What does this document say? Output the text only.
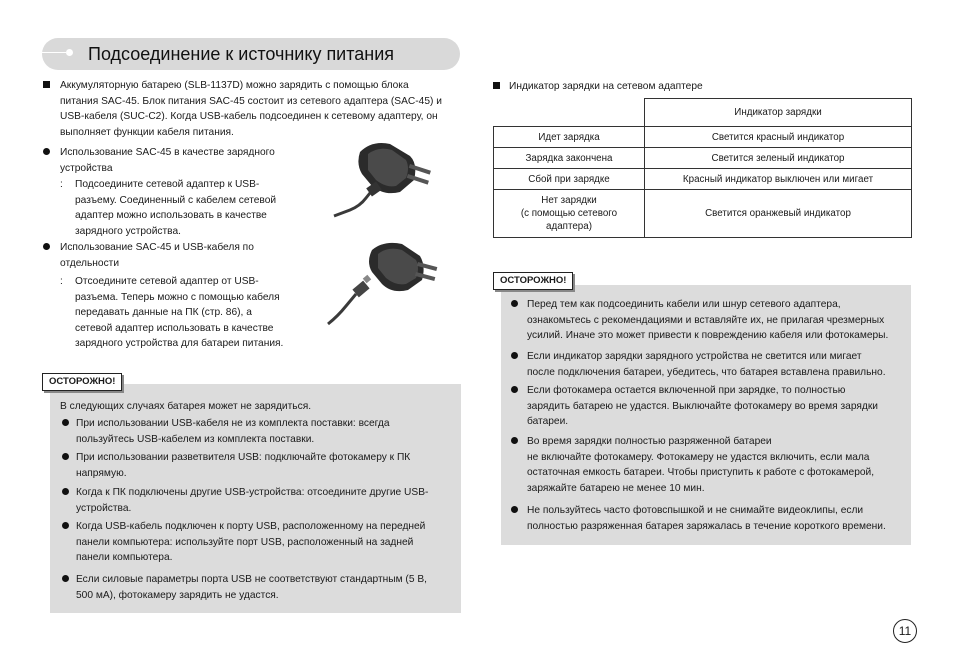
Подсоединение к источнику питания
Аккумуляторную батарею (SLB-1137D) можно зарядить с помощью блока
питания SAC-45. Блок питания SAC-45 состоит из сетевого адаптера (SAC-45) и
USB-кабеля (SUC-C2). Когда USB-кабель подсоединен к сетевому адаптеру, он
выполняет функции кабеля питания.
Использование SAC-45 в качестве зарядного
устройства
: Подсоедините сетевой адаптер к USB-
разъему. Соединенный с кабелем сетевой
адаптер можно использовать в качестве
зарядного устройства.
Использование SAC-45 и USB-кабеля по
отдельности
: Отсоедините сетевой адаптер от USB-
разъема. Теперь можно с помощью кабеля
передавать данные на ПК (стр. 86), а
сетевой адаптер использовать в качестве
зарядного устройства для батареи питания.
ОСТОРОЖНО!
В следующих случаях батарея может не зарядиться.
При использовании USB-кабеля не из комплекта поставки: всегда
пользуйтесь USB-кабелем из комплекта поставки.
При использовании разветвителя USB: подключайте фотокамеру к ПК
напрямую.
Когда к ПК подключены другие USB-устройства: отсоедините другие USB-
устройства.
Когда USB-кабель подключен к порту USB, расположенному на передней
панели компьютера: используйте порт USB, расположенный на задней
панели компьютера.
Если силовые параметры порта USB не соответствуют стандартным (5 В,
500 мА), фотокамеру зарядить не удастся.
Индикатор зарядки на сетевом адаптере
	Индикатор зарядки
Идет зарядка	Светится красный индикатор
Зарядка закончена	Светится зеленый индикатор
Сбой при зарядке	Красный индикатор выключен или мигает

Нет зарядки
(с помощью сетевого
адаптера)	Светится оранжевый индикатор
ОСТОРОЖНО!
Перед тем как подсоединить кабели или шнур сетевого адаптера,
ознакомьтесь с рекомендациями и вставляйте их, не прилагая чрезмерных
усилий. Иначе это может привести к повреждению кабеля или фотокамеры.
Если индикатор зарядки зарядного устройства не светится или мигает
после подключения батареи, убедитесь, что батарея вставлена правильно.
Если фотокамера остается включенной при зарядке, то полностью
зарядить батарею не удастся. Выключайте фотокамеру во время зарядки
батареи.
Во время зарядки полностью разряженной батареи
не включайте фотокамеру. Фотокамеру не удастся включить, если мала
остаточная емкость батареи. Чтобы приступить к работе с фотокамерой,
заряжайте батарею не менее 10 мин.
Не пользуйтесь часто фотовспышкой и не снимайте видеоклипы, если
полностью разряженная батарея заряжалась в течение короткого времени.
11
